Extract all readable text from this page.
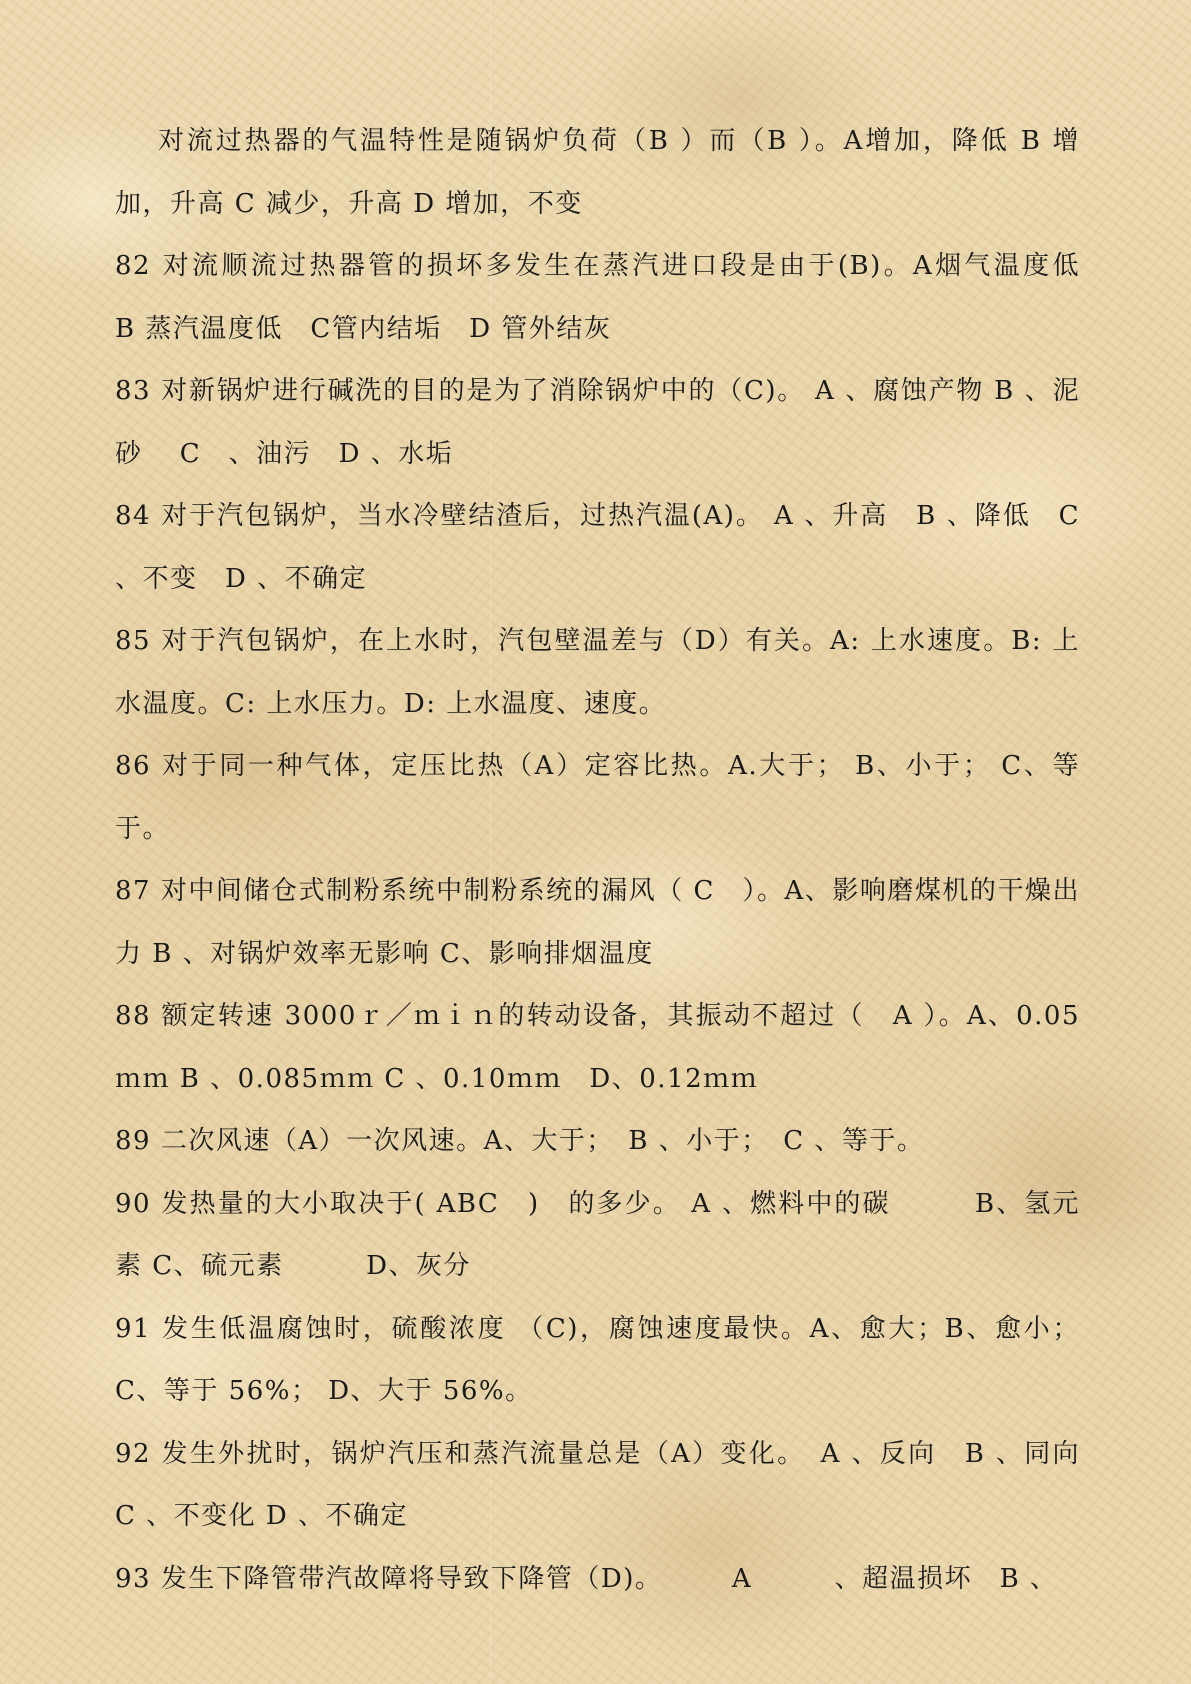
对流过热器的气温特性是随锅炉负荷（B ）而（B ）。A增加，降低 B 增加，升高 C 减少，升高 D 增加，不变

82 对流顺流过热器管的损坏多发生在蒸汽进口段是由于(B)。A烟气温度低　 B 蒸汽温度低　C管内结垢　D 管外结灰

83 对新锅炉进行碱洗的目的是为了消除锅炉中的（C)。 A 、腐蚀产物 B 、泥砂　 C　、油污　D 、水垢

84 对于汽包锅炉，当水冷壁结渣后，过热汽温(A)。 A 、升高　B 、降低　C 、不变　D 、不确定

85 对于汽包锅炉，在上水时，汽包壁温差与（D）有关。A: 上水速度。B: 上水温度。C: 上水压力。D: 上水温度、速度。

86 对于同一种气体，定压比热（A）定容比热。A.大于； B、小于； C、等于。

87 对中间储仓式制粉系统中制粉系统的漏风（ C　）。A、影响磨煤机的干燥出力 B 、对锅炉效率无影响 C、影响排烟温度

88 额定转速 3000ｒ／ｍｉｎ的转动设备，其振动不超过（　A ）。A、0.05ｍｍ B 、0.085ｍｍ C 、0.10ｍｍ　D、0.12ｍｍ

89 二次风速（A）一次风速。A、大于；　B 、小于；　C 、等于。

90 发热量的大小取决于( ABC　)　的多少。 A 、燃料中的碳　　　B、氢元素 C、硫元素　　　D、灰分

91 发生低温腐蚀时，硫酸浓度 （C)，腐蚀速度最快。A、愈大；B、愈小；C、等于 56%； D、大于 56%。

92 发生外扰时，锅炉汽压和蒸汽流量总是（A）变化。　A 、反向　B 、同向　C 、不变化 D 、不确定

93 发生下降管带汽故障将导致下降管（D)。　　　A　　　、超温损坏　B 、
